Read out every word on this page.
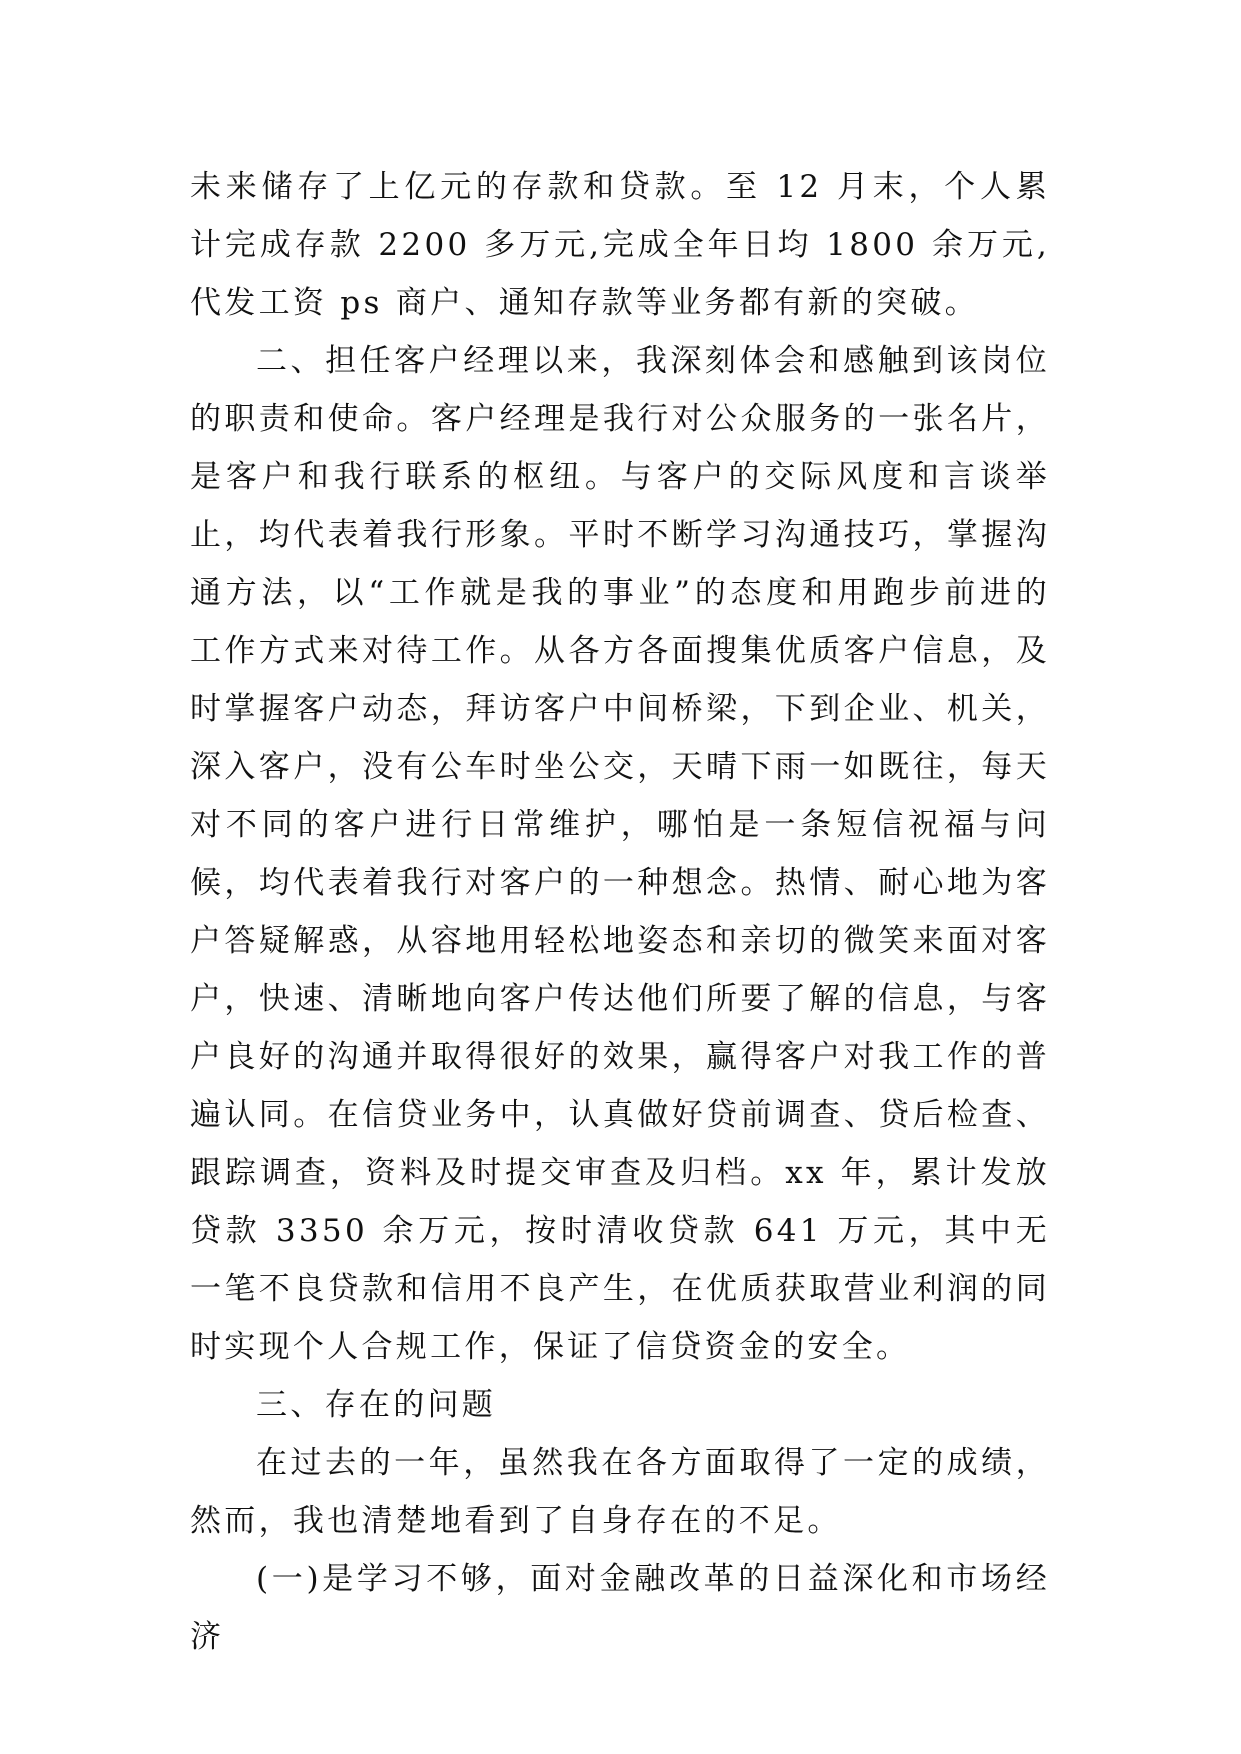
未来储存了上亿元的存款和贷款。至 12 月末，个人累计完成存款 2200 多万元,完成全年日均 1800 余万元,代发工资 ps 商户、通知存款等业务都有新的突破。

二、担任客户经理以来，我深刻体会和感触到该岗位的职责和使命。客户经理是我行对公众服务的一张名片，是客户和我行联系的枢纽。与客户的交际风度和言谈举止，均代表着我行形象。平时不断学习沟通技巧，掌握沟通方法，以“工作就是我的事业”的态度和用跑步前进的工作方式来对待工作。从各方各面搜集优质客户信息，及时掌握客户动态，拜访客户中间桥梁，下到企业、机关，深入客户，没有公车时坐公交，天晴下雨一如既往，每天对不同的客户进行日常维护，哪怕是一条短信祝福与问候，均代表着我行对客户的一种想念。热情、耐心地为客户答疑解惑，从容地用轻松地姿态和亲切的微笑来面对客户，快速、清晰地向客户传达他们所要了解的信息，与客户良好的沟通并取得很好的效果，赢得客户对我工作的普遍认同。在信贷业务中，认真做好贷前调查、贷后检查、跟踪调查，资料及时提交审查及归档。xx 年，累计发放贷款 3350 余万元，按时清收贷款 641 万元，其中无一笔不良贷款和信用不良产生，在优质获取营业利润的同时实现个人合规工作，保证了信贷资金的安全。

三、存在的问题

在过去的一年，虽然我在各方面取得了一定的成绩，然而，我也清楚地看到了自身存在的不足。

(一)是学习不够，面对金融改革的日益深化和市场经济
